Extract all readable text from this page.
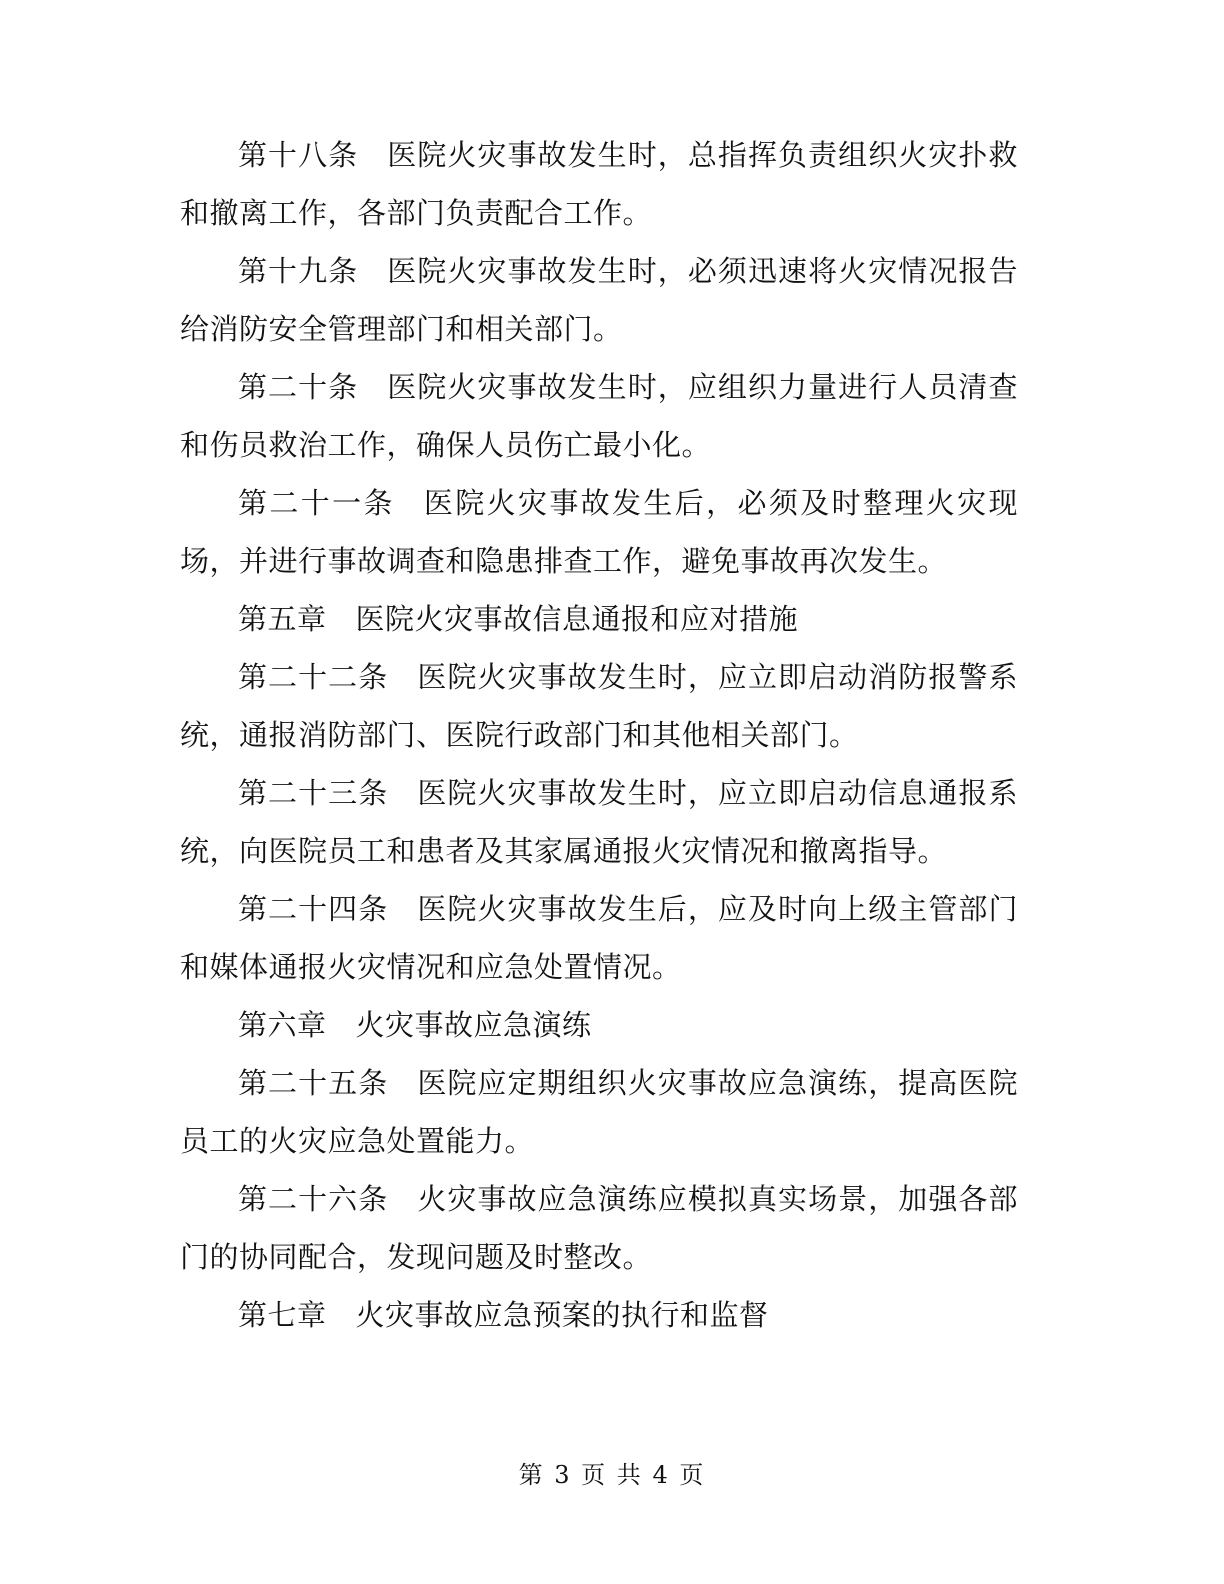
第十八条 医院火灾事故发生时，总指挥负责组织火灾扑救和撤离工作，各部门负责配合工作。

第十九条 医院火灾事故发生时，必须迅速将火灾情况报告给消防安全管理部门和相关部门。

第二十条 医院火灾事故发生时，应组织力量进行人员清查和伤员救治工作，确保人员伤亡最小化。

第二十一条 医院火灾事故发生后，必须及时整理火灾现场，并进行事故调查和隐患排查工作，避免事故再次发生。

第五章 医院火灾事故信息通报和应对措施

第二十二条 医院火灾事故发生时，应立即启动消防报警系统，通报消防部门、医院行政部门和其他相关部门。

第二十三条 医院火灾事故发生时，应立即启动信息通报系统，向医院员工和患者及其家属通报火灾情况和撤离指导。

第二十四条 医院火灾事故发生后，应及时向上级主管部门和媒体通报火灾情况和应急处置情况。

第六章 火灾事故应急演练

第二十五条 医院应定期组织火灾事故应急演练，提高医院员工的火灾应急处置能力。

第二十六条 火灾事故应急演练应模拟真实场景，加强各部门的协同配合，发现问题及时整改。

第七章 火灾事故应急预案的执行和监督

第 3 页 共 4 页
